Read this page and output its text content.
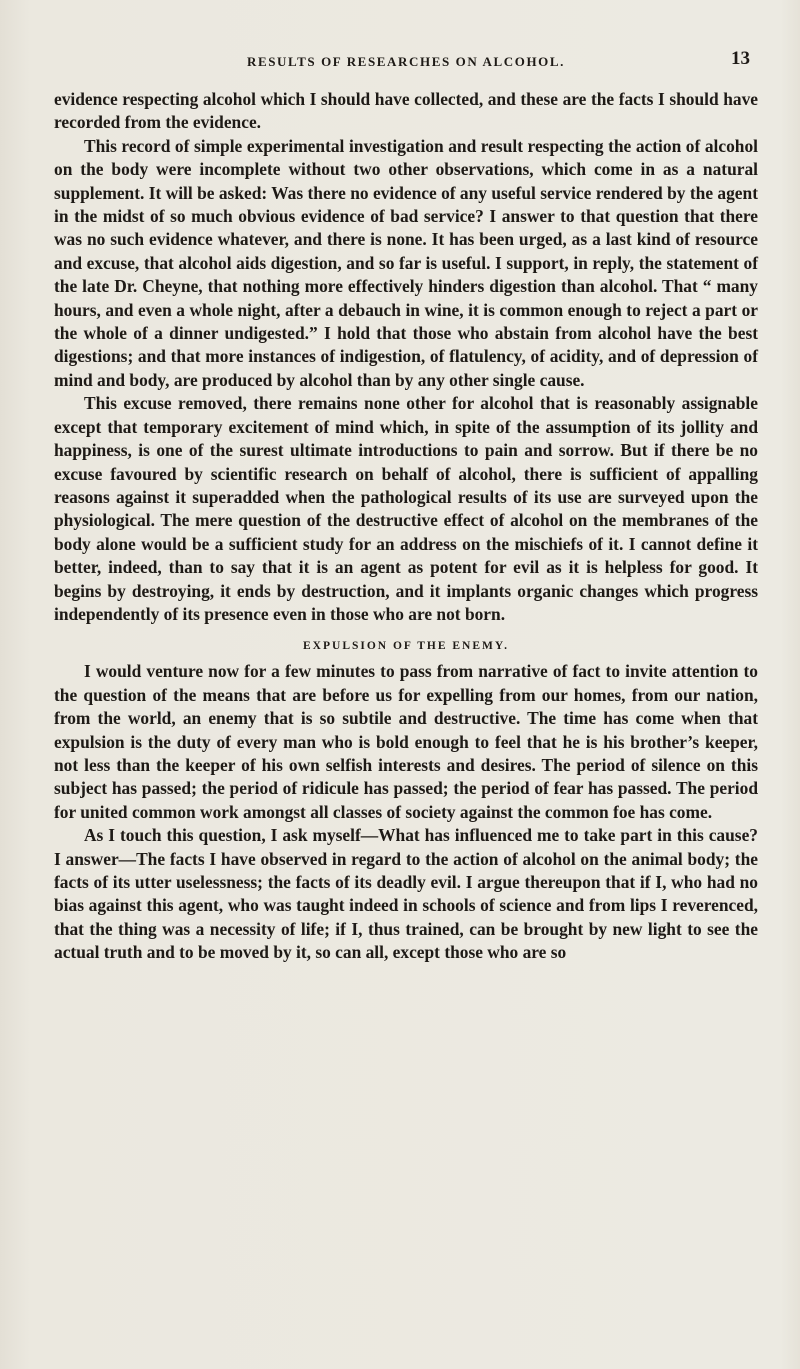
RESULTS OF RESEARCHES ON ALCOHOL.	13

evidence respecting alcohol which I should have collected, and these are the facts I should have recorded from the evidence.

This record of simple experimental investigation and result respecting the action of alcohol on the body were incomplete without two other observations, which come in as a natural supplement. It will be asked: Was there no evidence of any useful service rendered by the agent in the midst of so much obvious evidence of bad service? I answer to that question that there was no such evidence whatever, and there is none. It has been urged, as a last kind of resource and excuse, that alcohol aids digestion, and so far is useful. I support, in reply, the statement of the late Dr. Cheyne, that nothing more effectively hinders digestion than alcohol. That “ many hours, and even a whole night, after a debauch in wine, it is common enough to reject a part or the whole of a dinner undigested.” I hold that those who abstain from alcohol have the best digestions; and that more instances of indigestion, of flatulency, of acidity, and of depression of mind and body, are produced by alcohol than by any other single cause.

This excuse removed, there remains none other for alcohol that is reasonably assignable except that temporary excitement of mind which, in spite of the assumption of its jollity and happiness, is one of the surest ultimate introductions to pain and sorrow. But if there be no excuse favoured by scientific research on behalf of alcohol, there is sufficient of appalling reasons against it superadded when the pathological results of its use are surveyed upon the physiological. The mere question of the destructive effect of alcohol on the membranes of the body alone would be a sufficient study for an address on the mischiefs of it. I cannot define it better, indeed, than to say that it is an agent as potent for evil as it is helpless for good. It begins by destroying, it ends by destruction, and it implants organic changes which progress independently of its presence even in those who are not born.

EXPULSION OF THE ENEMY.

I would venture now for a few minutes to pass from narrative of fact to invite attention to the question of the means that are before us for expelling from our homes, from our nation, from the world, an enemy that is so subtile and destructive. The time has come when that expulsion is the duty of every man who is bold enough to feel that he is his brother’s keeper, not less than the keeper of his own selfish interests and desires. The period of silence on this subject has passed; the period of ridicule has passed; the period of fear has passed. The period for united common work amongst all classes of society against the common foe has come.

As I touch this question, I ask myself—What has influenced me to take part in this cause? I answer—The facts I have observed in regard to the action of alcohol on the animal body; the facts of its utter uselessness; the facts of its deadly evil. I argue thereupon that if I, who had no bias against this agent, who was taught indeed in schools of science and from lips I reverenced, that the thing was a necessity of life; if I, thus trained, can be brought by new light to see the actual truth and to be moved by it, so can all, except those who are so
